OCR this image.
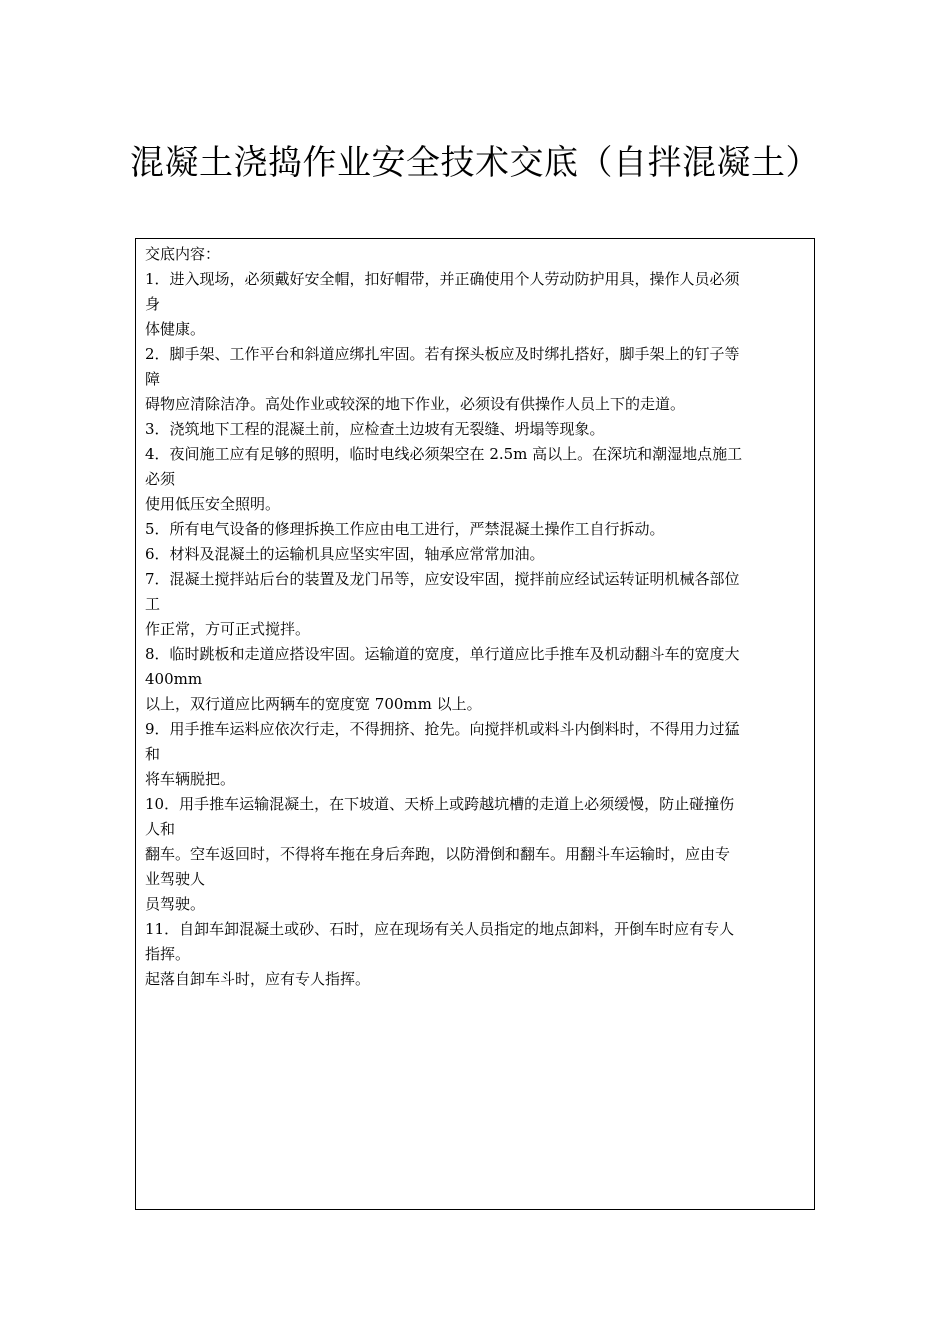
混凝土浇捣作业安全技术交底（自拌混凝土）
交底内容：
1．进入现场，必须戴好安全帽，扣好帽带，并正确使用个人劳动防护用具，操作人员必须
身
体健康。
2．脚手架、工作平台和斜道应绑扎牢固。若有探头板应及时绑扎搭好，脚手架上的钉子等
障
碍物应清除洁净。高处作业或较深的地下作业，必须设有供操作人员上下的走道。
3．浇筑地下工程的混凝土前，应检查土边坡有无裂缝、坍塌等现象。
4．夜间施工应有足够的照明，临时电线必须架空在 2.5m 高以上。在深坑和潮湿地点施工
必须
使用低压安全照明。
5．所有电气设备的修理拆换工作应由电工进行，严禁混凝土操作工自行拆动。
6．材料及混凝土的运输机具应坚实牢固，轴承应常常加油。
7．混凝土搅拌站后台的装置及龙门吊等，应安设牢固，搅拌前应经试运转证明机械各部位
工
作正常，方可正式搅拌。
8．临时跳板和走道应搭设牢固。运输道的宽度，单行道应比手推车及机动翻斗车的宽度大
400mm
以上，双行道应比两辆车的宽度宽 700mm 以上。
9．用手推车运料应依次行走，不得拥挤、抢先。向搅拌机或料斗内倒料时，不得用力过猛
和
将车辆脱把。
10．用手推车运输混凝土，在下坡道、天桥上或跨越坑槽的走道上必须缓慢，防止碰撞伤
人和
翻车。空车返回时，不得将车拖在身后奔跑，以防滑倒和翻车。用翻斗车运输时，应由专
业驾驶人
员驾驶。
11．自卸车卸混凝土或砂、石时，应在现场有关人员指定的地点卸料，开倒车时应有专人
指挥。
起落自卸车斗时，应有专人指挥。
